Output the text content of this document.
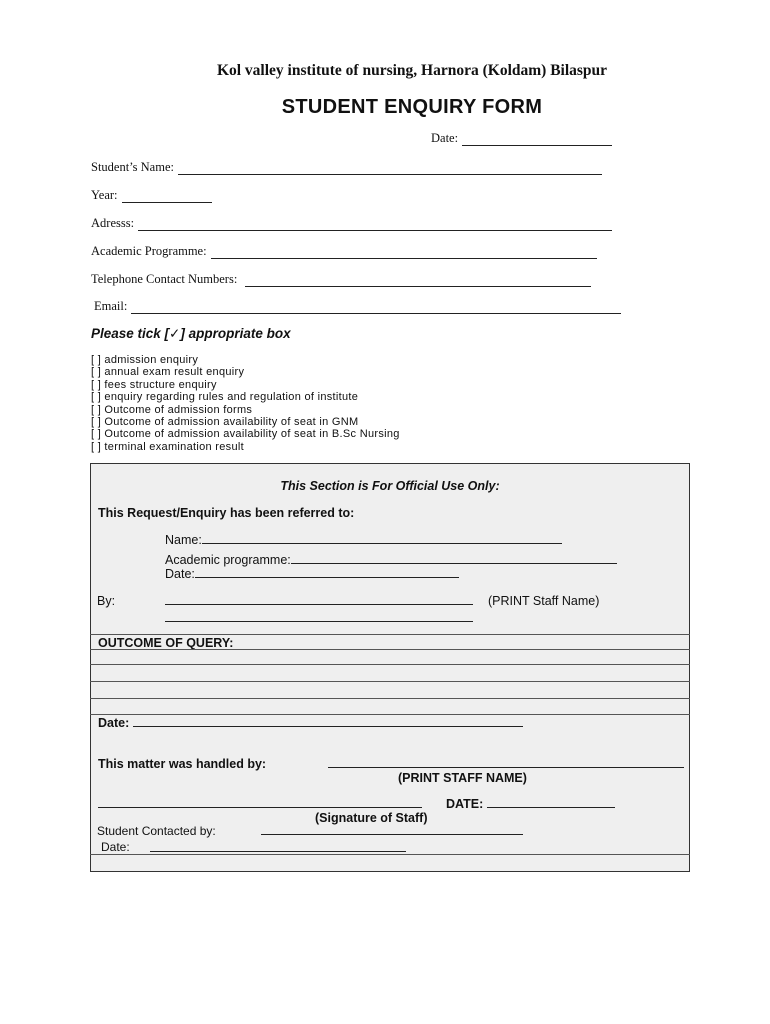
Kol valley institute of nursing, Harnora (Koldam) Bilaspur
STUDENT ENQUIRY FORM
Date:
Student’s Name:
Year:
Adresss:
Academic Programme:
Telephone Contact Numbers:
Email:
Please tick [✓] appropriate box
[ ] admission enquiry
[ ] annual exam result enquiry
[ ] fees structure enquiry
[ ] enquiry regarding rules and regulation of institute
[ ] Outcome of admission forms
[ ] Outcome of admission availability of seat in GNM
[ ] Outcome of admission availability of seat in B.Sc Nursing
[ ] terminal examination result
This Section is For Official Use Only:
This Request/Enquiry has been referred to:
Name:
Academic programme:
Date:
By:	(PRINT Staff Name)
OUTCOME OF QUERY:
Date:
This matter was handled by:
(PRINT STAFF NAME)
DATE:
(Signature of Staff)
Student Contacted by:
Date:
